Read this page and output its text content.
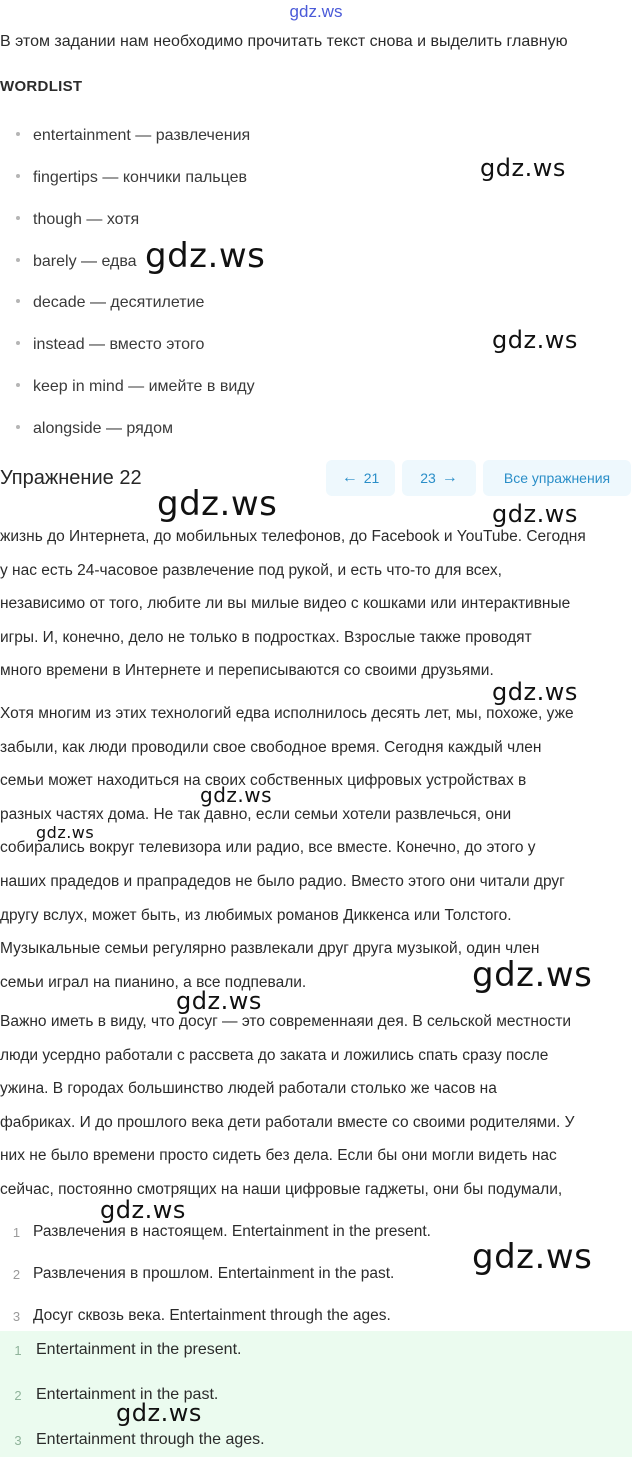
gdz.ws
В этом задании нам необходимо прочитать текст снова и выделить главную
WORDLIST
entertainment — развлечения
fingertips — кончики пальцев
though — хотя
barely — едва
decade — десятилетие
instead — вместо этого
keep in mind — имейте в виду
alongside — рядом
Упражнение 22	← 21	23 →	Все упражнения
жизнь до Интернета, до мобильных телефонов, до Facebook и YouTube. Сегодня
у нас есть 24-часовое развлечение под рукой, и есть что-то для всех,
независимо от того, любите ли вы милые видео с кошками или интерактивные
игры. И, конечно, дело не только в подростках. Взрослые также проводят
много времени в Интернете и переписываются со своими друзьями.
Хотя многим из этих технологий едва исполнилось десять лет, мы, похоже, уже
забыли, как люди проводили свое свободное время. Сегодня каждый член
семьи может находиться на своих собственных цифровых устройствах в
разных частях дома. Не так давно, если семьи хотели развлечься, они
собирались вокруг телевизора или радио, все вместе. Конечно, до этого у
наших прадедов и прапрадедов не было радио. Вместо этого они читали друг
другу вслух, может быть, из любимых романов Диккенса или Толстого.
Музыкальные семьи регулярно развлекали друг друга музыкой, один член
семьи играл на пианино, а все подпевали.
Важно иметь в виду, что досуг — это современнаяи дея. В сельской местности
люди усердно работали с рассвета до заката и ложились спать сразу после
ужина. В городах большинство людей работали столько же часов на
фабриках. И до прошлого века дети работали вместе со своими родителями. У
них не было времени просто сидеть без дела. Если бы они могли видеть нас
сейчас, постоянно смотрящих на наши цифровые гаджеты, они бы подумали,
1 Развлечения в настоящем. Entertainment in the present.
2 Развлечения в прошлом. Entertainment in the past.
3 Досуг сквозь века. Entertainment through the ages.
1 Entertainment in the present.
2 Entertainment in the past.
3 Entertainment through the ages.
gdz.ws
gdz.ws
gdz.ws
gdz.ws	gdz.ws
gdz.ws
gdz.ws
gdz.ws
gdz.ws
gdz.ws
gdz.ws
gdz.ws
gdz.ws
